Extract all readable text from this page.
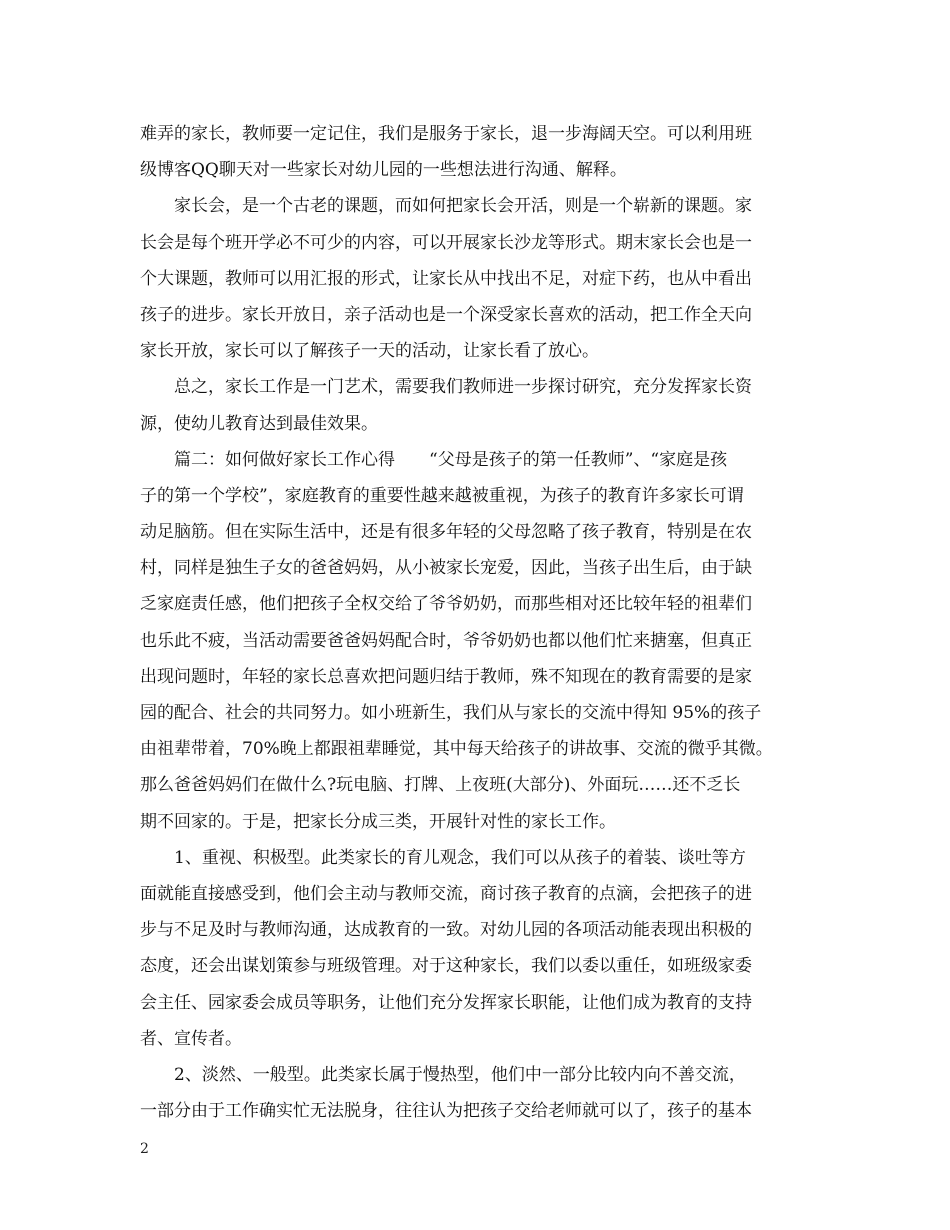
难弄的家长，教师要一定记住，我们是服务于家长，退一步海阔天空。可以利用班
级博客QQ聊天对一些家长对幼儿园的一些想法进行沟通、解释。
家长会，是一个古老的课题，而如何把家长会开活，则是一个崭新的课题。家
长会是每个班开学必不可少的内容，可以开展家长沙龙等形式。期末家长会也是一
个大课题，教师可以用汇报的形式，让家长从中找出不足，对症下药，也从中看出
孩子的进步。家长开放日，亲子活动也是一个深受家长喜欢的活动，把工作全天向
家长开放，家长可以了解孩子一天的活动，让家长看了放心。
总之，家长工作是一门艺术，需要我们教师进一步探讨研究，充分发挥家长资
源，使幼儿教育达到最佳效果。
篇二：如何做好家长工作心得　　“父母是孩子的第一任教师”、“家庭是孩
子的第一个学校”，家庭教育的重要性越来越被重视，为孩子的教育许多家长可谓
动足脑筋。但在实际生活中，还是有很多年轻的父母忽略了孩子教育，特别是在农
村，同样是独生子女的爸爸妈妈，从小被家长宠爱，因此，当孩子出生后，由于缺
乏家庭责任感，他们把孩子全权交给了爷爷奶奶，而那些相对还比较年轻的祖辈们
也乐此不疲，当活动需要爸爸妈妈配合时，爷爷奶奶也都以他们忙来搪塞，但真正
出现问题时，年轻的家长总喜欢把问题归结于教师，殊不知现在的教育需要的是家
园的配合、社会的共同努力。如小班新生，我们从与家长的交流中得知 95%的孩子
由祖辈带着，70%晚上都跟祖辈睡觉，其中每天给孩子的讲故事、交流的微乎其微。
那么爸爸妈妈们在做什么?玩电脑、打牌、上夜班(大部分)、外面玩……还不乏长
期不回家的。于是，把家长分成三类，开展针对性的家长工作。
1、重视、积极型。此类家长的育儿观念，我们可以从孩子的着装、谈吐等方
面就能直接感受到，他们会主动与教师交流，商讨孩子教育的点滴，会把孩子的进
步与不足及时与教师沟通，达成教育的一致。对幼儿园的各项活动能表现出积极的
态度，还会出谋划策参与班级管理。对于这种家长，我们以委以重任，如班级家委
会主任、园家委会成员等职务，让他们充分发挥家长职能，让他们成为教育的支持
者、宣传者。
2、淡然、一般型。此类家长属于慢热型，他们中一部分比较内向不善交流，
一部分由于工作确实忙无法脱身，往往认为把孩子交给老师就可以了，孩子的基本
2
